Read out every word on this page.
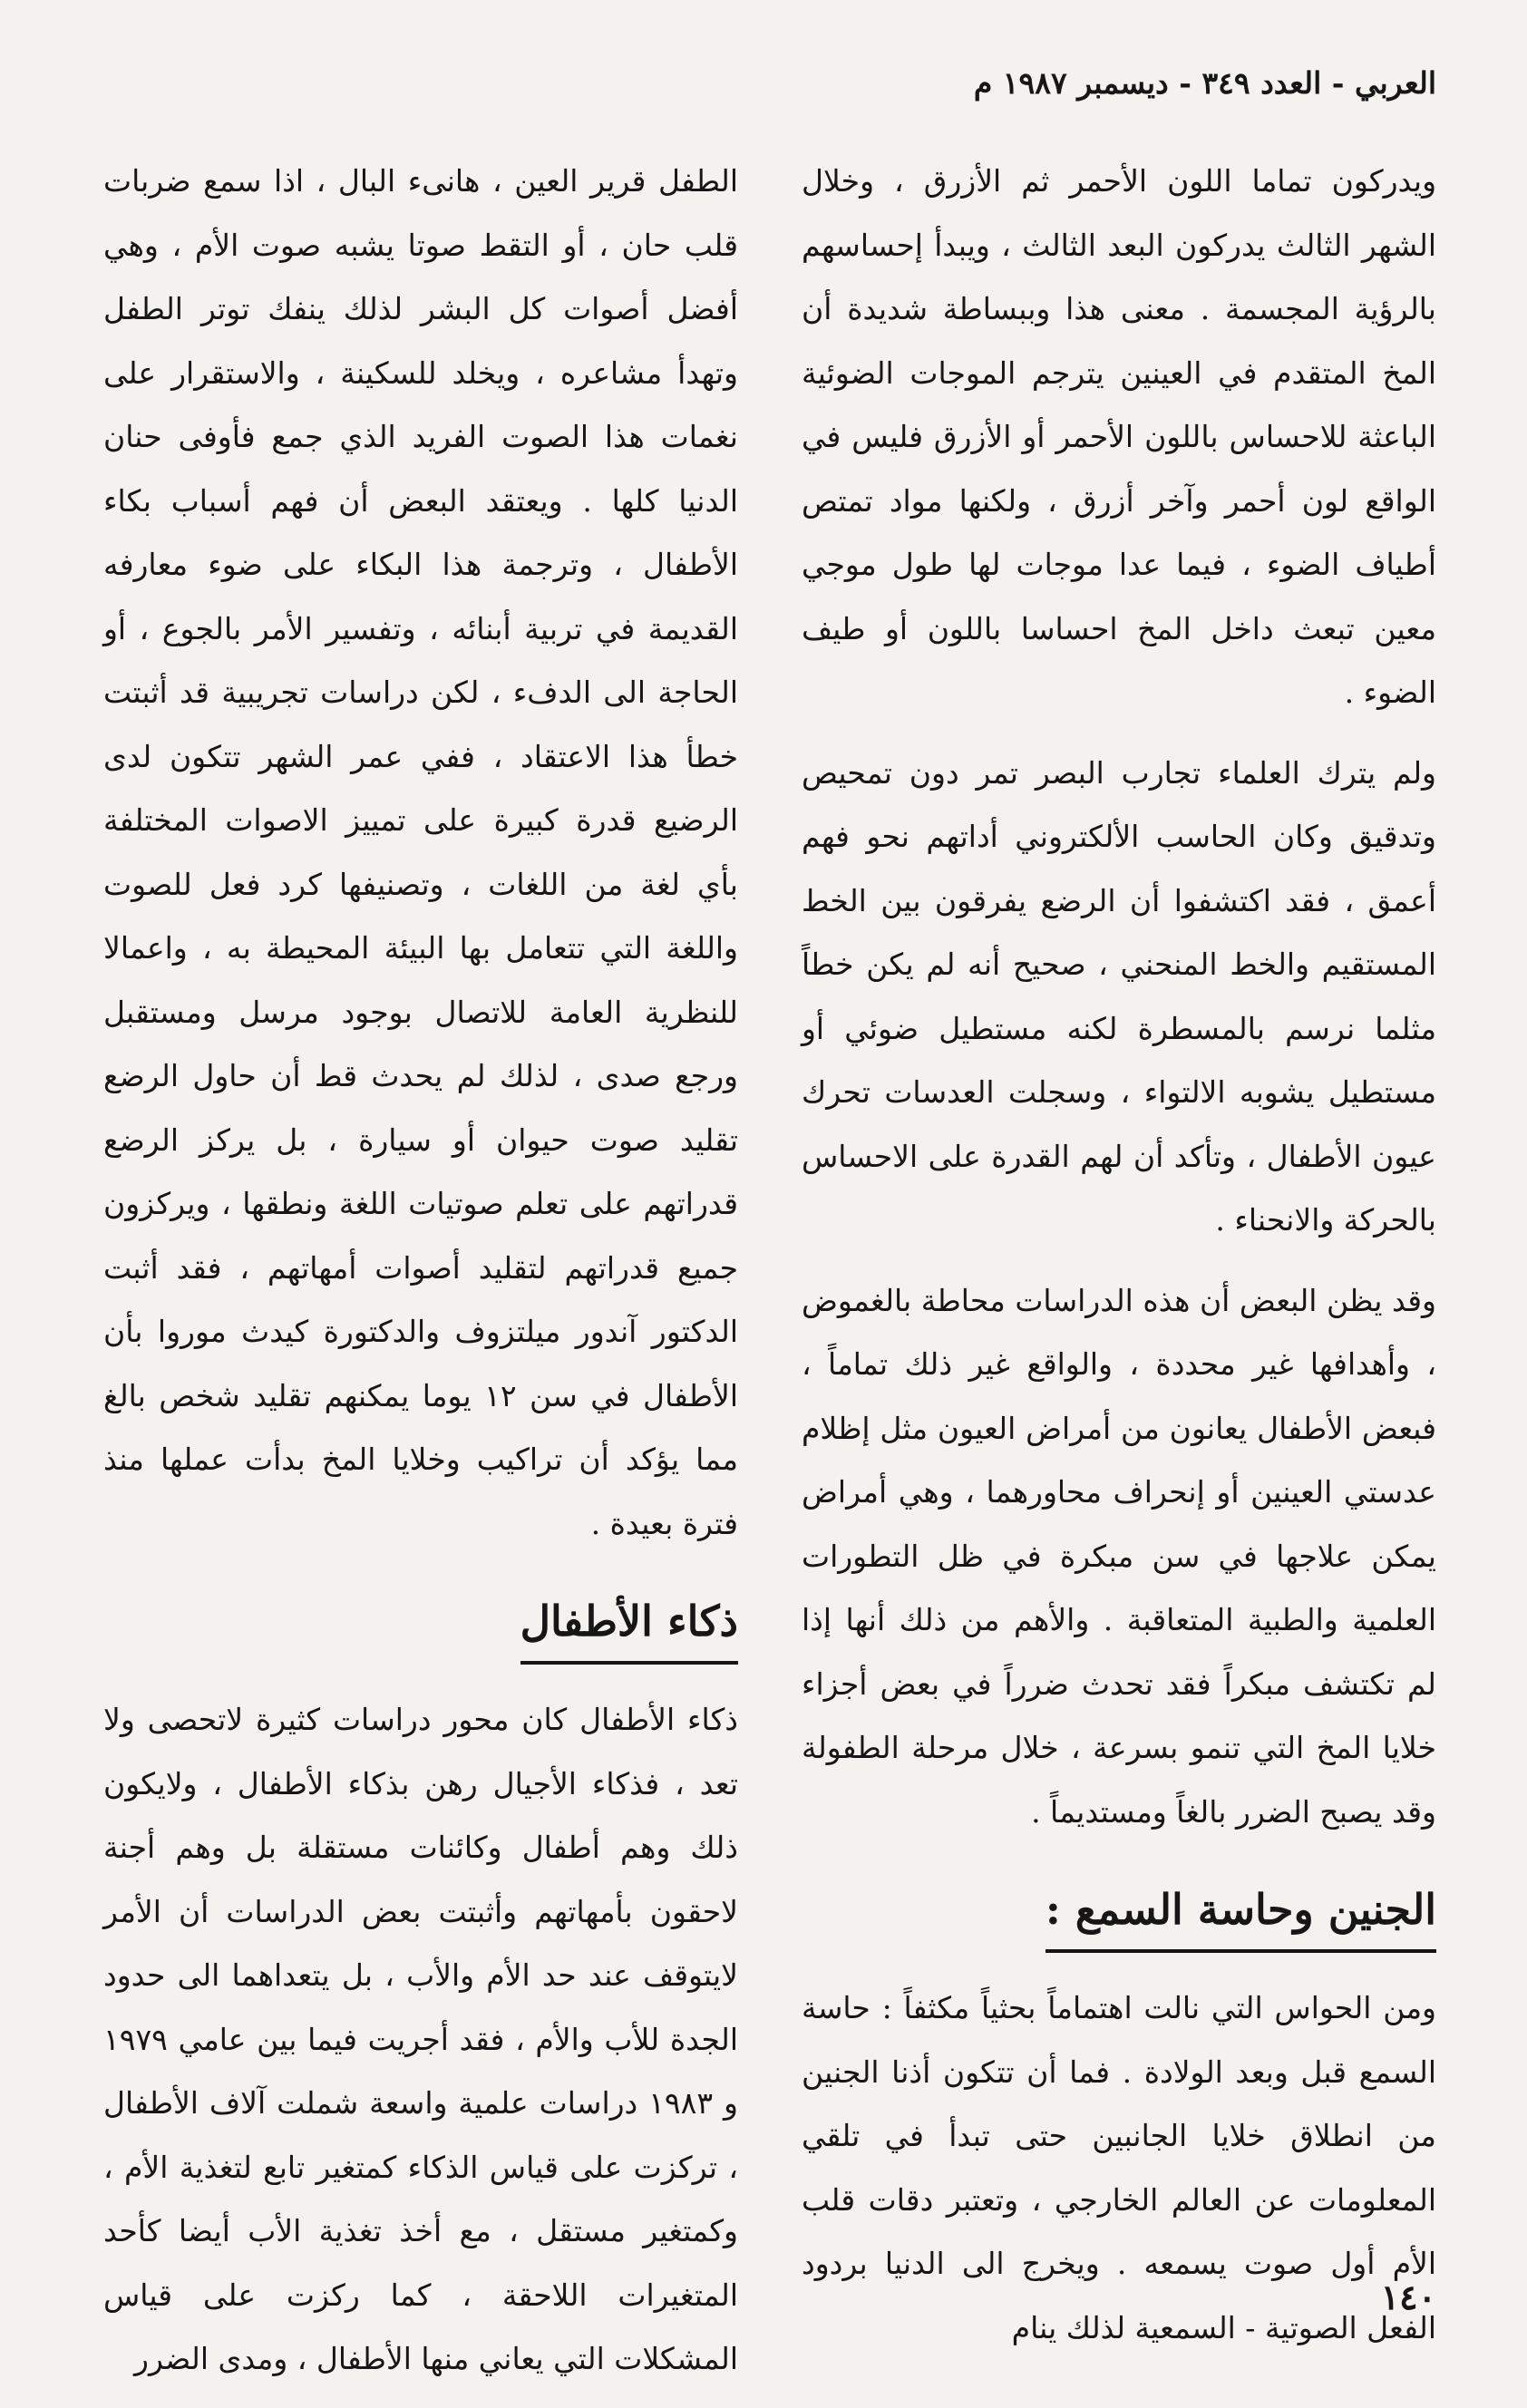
العربي - العدد ٣٤٩ - ديسمبر ١٩٨٧ م

ويدركون تماما اللون الأحمر ثم الأزرق ، وخلال الشهر الثالث يدركون البعد الثالث ، ويبدأ إحساسهم بالرؤية المجسمة . معنى هذا وببساطة شديدة أن المخ المتقدم في العينين يترجم الموجات الضوئية الباعثة للاحساس باللون الأحمر أو الأزرق فليس في الواقع لون أحمر وآخر أزرق ، ولكنها مواد تمتص أطياف الضوء ، فيما عدا موجات لها طول موجي معين تبعث داخل المخ احساسا باللون أو طيف الضوء .

ولم يترك العلماء تجارب البصر تمر دون تمحيص وتدقيق وكان الحاسب الألكتروني أداتهم نحو فهم أعمق ، فقد اكتشفوا أن الرضع يفرقون بين الخط المستقيم والخط المنحني ، صحيح أنه لم يكن خطاً مثلما نرسم بالمسطرة لكنه مستطيل ضوئي أو مستطيل يشوبه الالتواء ، وسجلت العدسات تحرك عيون الأطفال ، وتأكد أن لهم القدرة على الاحساس بالحركة والانحناء .

وقد يظن البعض أن هذه الدراسات محاطة بالغموض ، وأهدافها غير محددة ، والواقع غير ذلك تماماً ، فبعض الأطفال يعانون من أمراض العيون مثل إظلام عدستي العينين أو إنحراف محاورهما ، وهي أمراض يمكن علاجها في سن مبكرة في ظل التطورات العلمية والطبية المتعاقبة . والأهم من ذلك أنها إذا لم تكتشف مبكراً فقد تحدث ضرراً في بعض أجزاء خلايا المخ التي تنمو بسرعة ، خلال مرحلة الطفولة وقد يصبح الضرر بالغاً ومستديماً .

الجنين وحاسة السمع :

ومن الحواس التي نالت اهتماماً بحثياً مكثفاً : حاسة السمع قبل وبعد الولادة . فما أن تتكون أذنا الجنين من انطلاق خلايا الجانبين حتى تبدأ في تلقي المعلومات عن العالم الخارجي ، وتعتبر دقات قلب الأم أول صوت يسمعه . ويخرج الى الدنيا بردود الفعل الصوتية - السمعية لذلك ينام

الطفل قرير العين ، هانىء البال ، اذا سمع ضربات قلب حان ، أو التقط صوتا يشبه صوت الأم ، وهي أفضل أصوات كل البشر لذلك ينفك توتر الطفل وتهدأ مشاعره ، ويخلد للسكينة ، والاستقرار على نغمات هذا الصوت الفريد الذي جمع فأوفى حنان الدنيا كلها . ويعتقد البعض أن فهم أسباب بكاء الأطفال ، وترجمة هذا البكاء على ضوء معارفه القديمة في تربية أبنائه ، وتفسير الأمر بالجوع ، أو الحاجة الى الدفء ، لكن دراسات تجريبية قد أثبتت خطأ هذا الاعتقاد ، ففي عمر الشهر تتكون لدى الرضيع قدرة كبيرة على تمييز الاصوات المختلفة بأي لغة من اللغات ، وتصنيفها كرد فعل للصوت واللغة التي تتعامل بها البيئة المحيطة به ، واعمالا للنظرية العامة للاتصال بوجود مرسل ومستقبل ورجع صدى ، لذلك لم يحدث قط أن حاول الرضع تقليد صوت حيوان أو سيارة ، بل يركز الرضع قدراتهم على تعلم صوتيات اللغة ونطقها ، ويركزون جميع قدراتهم لتقليد أصوات أمهاتهم ، فقد أثبت الدكتور آندور ميلتزوف والدكتورة كيدث موروا بأن الأطفال في سن ١٢ يوما يمكنهم تقليد شخص بالغ مما يؤكد أن تراكيب وخلايا المخ بدأت عملها منذ فترة بعيدة .

ذكاء الأطفال

ذكاء الأطفال كان محور دراسات كثيرة لاتحصى ولا تعد ، فذكاء الأجيال رهن بذكاء الأطفال ، ولايكون ذلك وهم أطفال وكائنات مستقلة بل وهم أجنة لاحقون بأمهاتهم وأثبتت بعض الدراسات أن الأمر لايتوقف عند حد الأم والأب ، بل يتعداهما الى حدود الجدة للأب والأم ، فقد أجريت فيما بين عامي ١٩٧٩ و ١٩٨٣ دراسات علمية واسعة شملت آلاف الأطفال ، تركزت على قياس الذكاء كمتغير تابع لتغذية الأم ، وكمتغير مستقل ، مع أخذ تغذية الأب أيضا كأحد المتغيرات اللاحقة ، كما ركزت على قياس المشكلات التي يعاني منها الأطفال ، ومدى الضرر

١٤٠
